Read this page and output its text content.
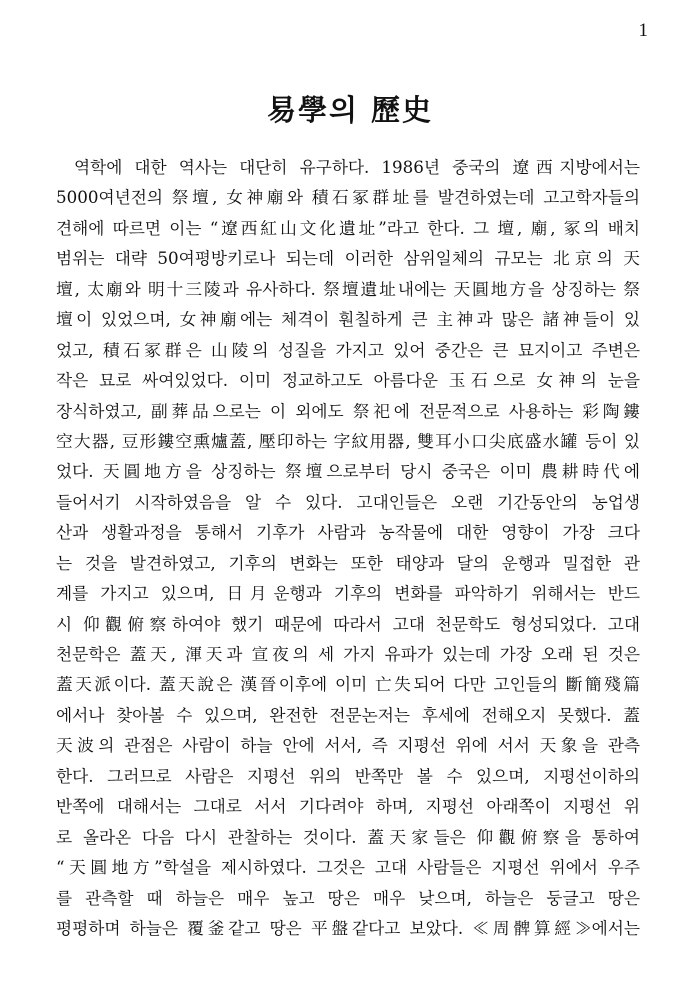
1
易學의 歷史
역학에 대한 역사는 대단히 유구하다. 1986년 중국의 遼西지방에서는
5000여년전의 祭壇, 女神廟와 積石冢群址를 발견하였는데 고고학자들의
견해에 따르면 이는 “遼西紅山文化遺址”라고 한다. 그 壇, 廟, 冢의 배치
범위는 대략 50여평방키로나 되는데 이러한 삼위일체의 규모는 北京의 天
壇, 太廟와 明十三陵과 유사하다. 祭壇遺址내에는 天圓地方을 상징하는 祭
壇이 있었으며, 女神廟에는 체격이 훤칠하게 큰 主神과 많은 諸神들이 있
었고, 積石冢群은 山陵의 성질을 가지고 있어 중간은 큰 묘지이고 주변은
작은 묘로 싸여있었다. 이미 정교하고도 아름다운 玉石으로 女神의 눈을
장식하였고, 副葬品으로는 이 외에도 祭祀에 전문적으로 사용하는 彩陶鏤
空大器, 豆形鏤空熏爐蓋, 壓印하는 字紋用器, 雙耳小口尖底盛水罐 등이 있
었다. 天圓地方을 상징하는 祭壇으로부터 당시 중국은 이미 農耕時代에
들어서기 시작하였음을 알 수 있다. 고대인들은 오랜 기간동안의 농업생
산과 생활과정을 통해서 기후가 사람과 농작물에 대한 영향이 가장 크다
는 것을 발견하였고, 기후의 변화는 또한 태양과 달의 운행과 밀접한 관
계를 가지고 있으며, 日月운행과 기후의 변화를 파악하기 위해서는 반드
시 仰觀俯察하여야 했기 때문에 따라서 고대 천문학도 형성되었다. 고대
천문학은 蓋天, 渾天과 宣夜의 세 가지 유파가 있는데 가장 오래 된 것은
蓋天派이다. 蓋天說은 漢晉이후에 이미 亡失되어 다만 고인들의 斷簡殘篇
에서나 찾아볼 수 있으며, 완전한 전문논저는 후세에 전해오지 못했다. 蓋
天波의 관점은 사람이 하늘 안에 서서, 즉 지평선 위에 서서 天象을 관측
한다. 그러므로 사람은 지평선 위의 반쪽만 볼 수 있으며, 지평선이하의
반쪽에 대해서는 그대로 서서 기다려야 하며, 지평선 아래쪽이 지평선 위
로 올라온 다음 다시 관찰하는 것이다. 蓋天家들은 仰觀俯察을 통하여
“天圓地方”학설을 제시하였다. 그것은 고대 사람들은 지평선 위에서 우주
를 관측할 때 하늘은 매우 높고 땅은 매우 낮으며, 하늘은 둥글고 땅은
평평하며 하늘은 覆釜같고 땅은 平盤같다고 보았다. ≪周髀算經≫에서는
